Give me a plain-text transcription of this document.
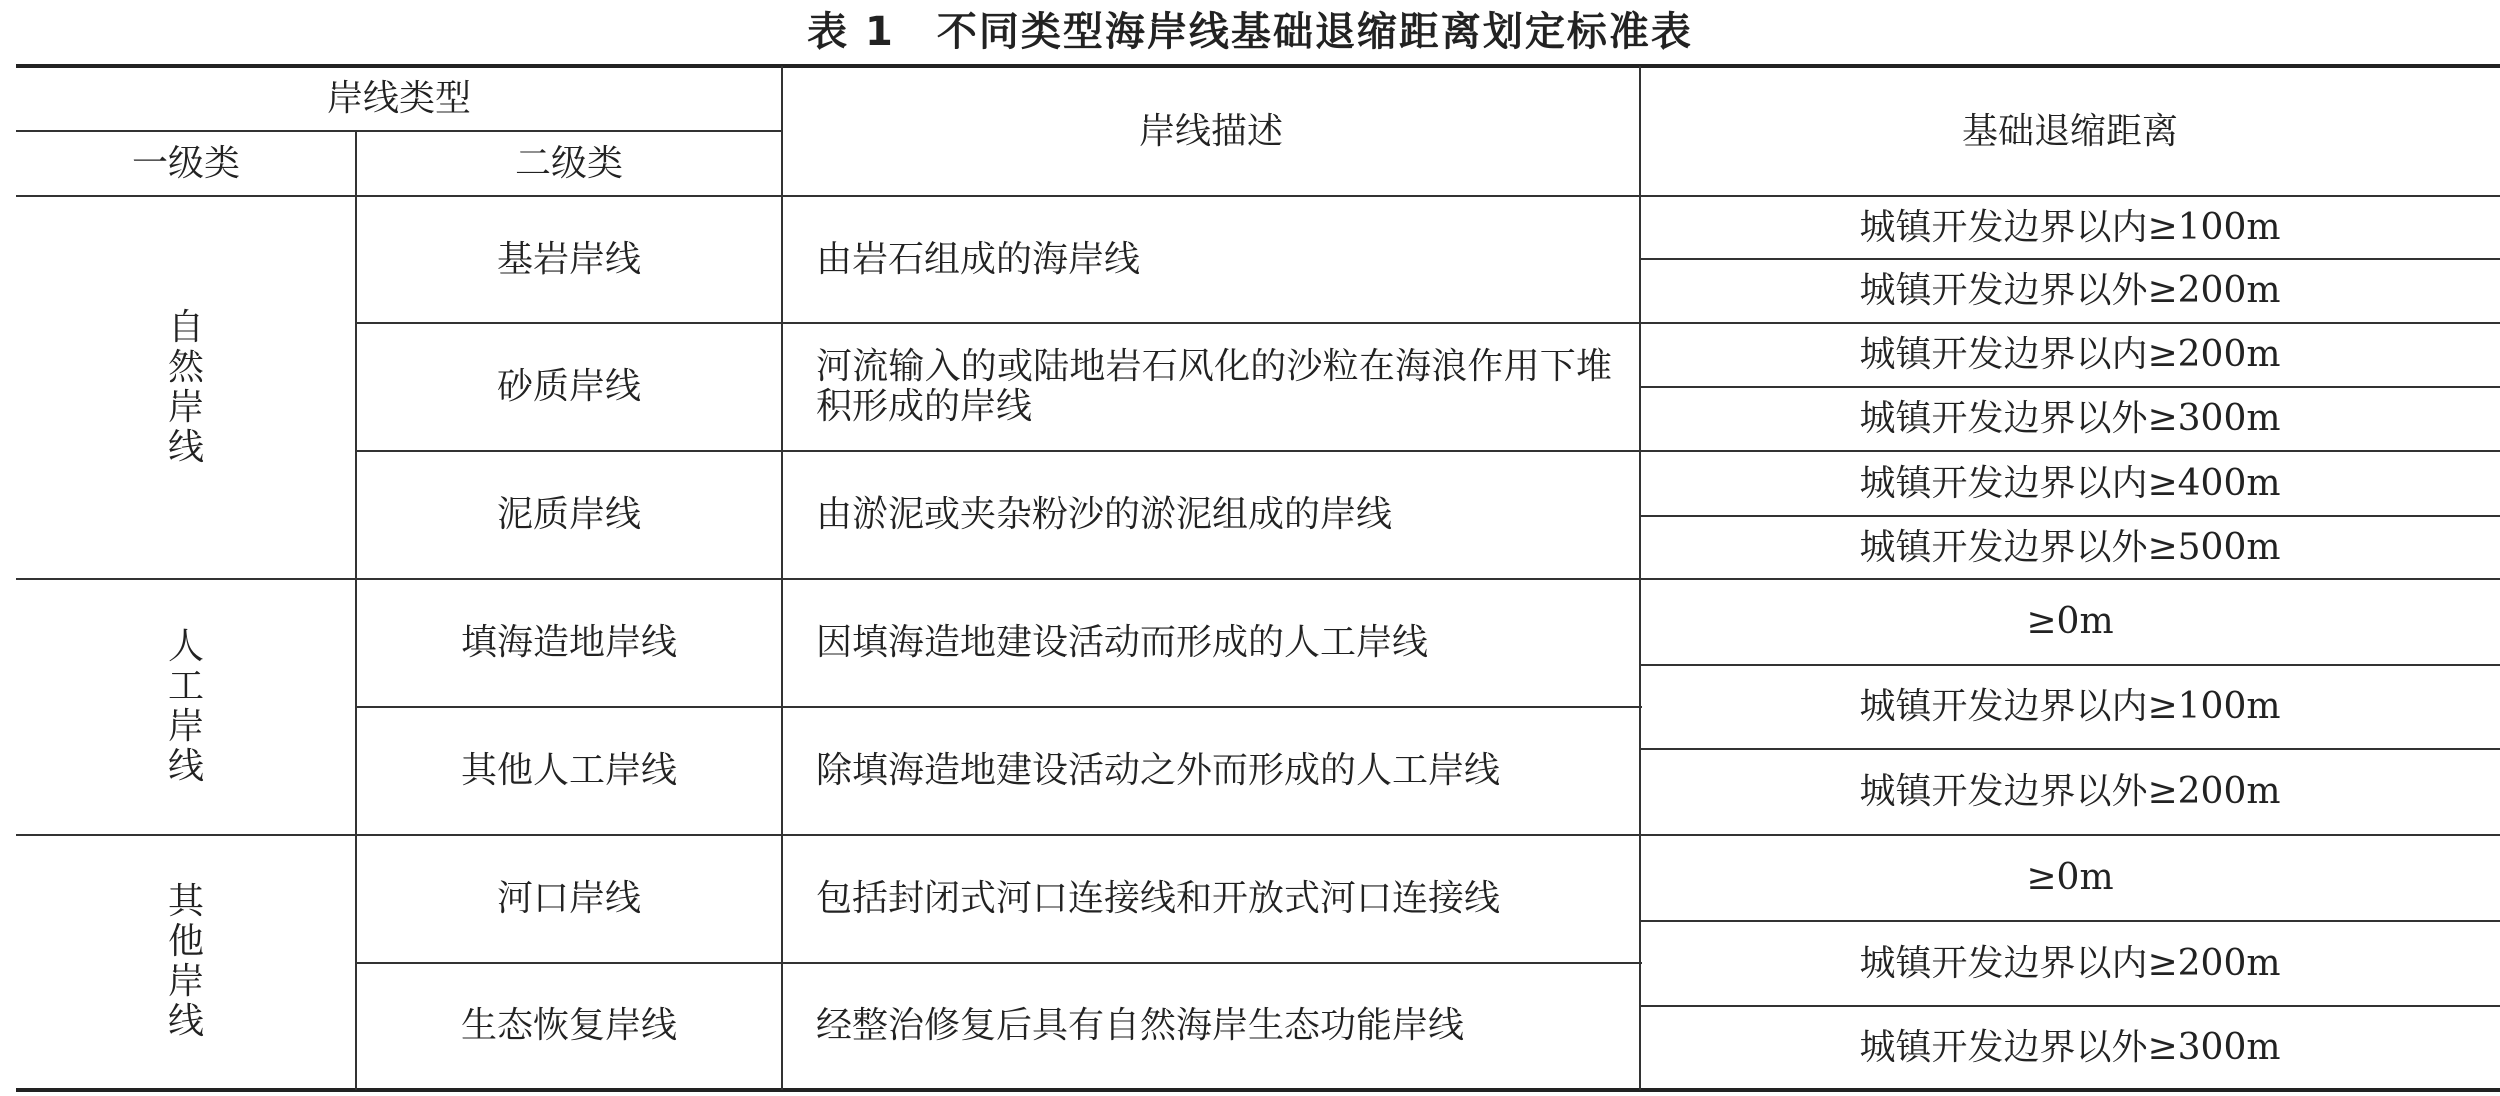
表 1　不同类型海岸线基础退缩距离划定标准表
岸线类型
一级类	二级类
岸线描述	基础退缩距离
自
然
岸
线
人
工
岸
线
其
他
岸
线
基岩岸线
砂质岸线
泥质岸线
填海造地岸线
其他人工岸线
河口岸线
生态恢复岸线
由岩石组成的海岸线
河流输入的或陆地岩石风化的沙粒在海浪作用下堆积形成的岸线
由淤泥或夹杂粉沙的淤泥组成的岸线
因填海造地建设活动而形成的人工岸线
除填海造地建设活动之外而形成的人工岸线
包括封闭式河口连接线和开放式河口连接线
经整治修复后具有自然海岸生态功能岸线
城镇开发边界以内≥100m
城镇开发边界以外≥200m
城镇开发边界以内≥200m
城镇开发边界以外≥300m
城镇开发边界以内≥400m
城镇开发边界以外≥500m
≥0m
城镇开发边界以内≥100m
城镇开发边界以外≥200m
≥0m
城镇开发边界以内≥200m
城镇开发边界以外≥300m
